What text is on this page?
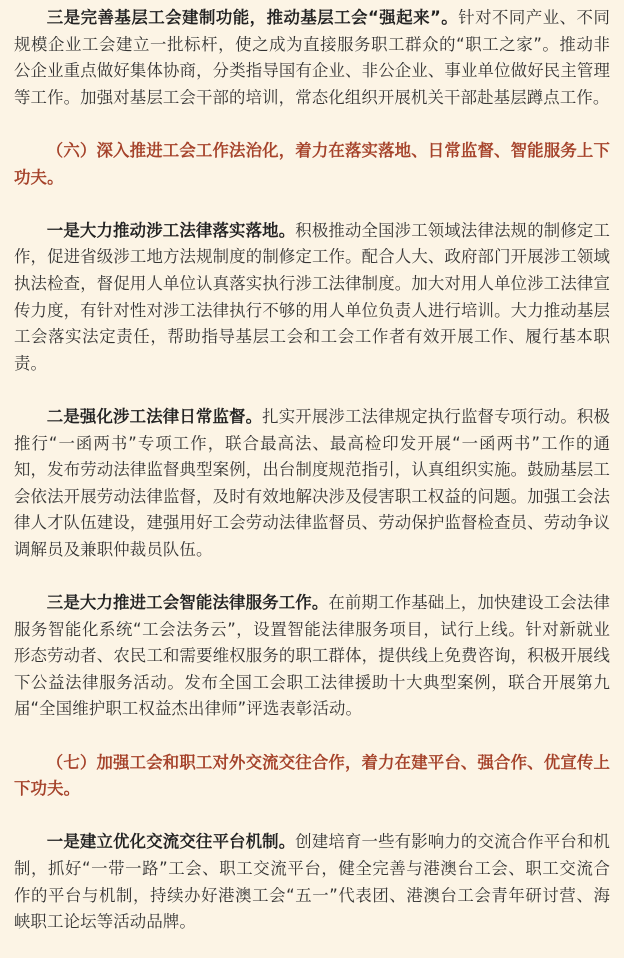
三是完善基层工会建制功能，推动基层工会“强起来”。针对不同产业、不同规模企业工会建立一批标杆，使之成为直接服务职工群众的“职工之家”。推动非公企业重点做好集体协商，分类指导国有企业、非公企业、事业单位做好民主管理等工作。加强对基层工会干部的培训，常态化组织开展机关干部赴基层蹲点工作。

（六）深入推进工会工作法治化，着力在落实落地、日常监督、智能服务上下功夫。

一是大力推动涉工法律落实落地。积极推动全国涉工领域法律法规的制修定工作，促进省级涉工地方法规制度的制修定工作。配合人大、政府部门开展涉工领域执法检查，督促用人单位认真落实执行涉工法律制度。加大对用人单位涉工法律宣传力度，有针对性对涉工法律执行不够的用人单位负责人进行培训。大力推动基层工会落实法定责任，帮助指导基层工会和工会工作者有效开展工作、履行基本职责。

二是强化涉工法律日常监督。扎实开展涉工法律规定执行监督专项行动。积极推行“一函两书”专项工作，联合最高法、最高检印发开展“一函两书”工作的通知，发布劳动法律监督典型案例，出台制度规范指引，认真组织实施。鼓励基层工会依法开展劳动法律监督，及时有效地解决涉及侵害职工权益的问题。加强工会法律人才队伍建设，建强用好工会劳动法律监督员、劳动保护监督检查员、劳动争议调解员及兼职仲裁员队伍。

三是大力推进工会智能法律服务工作。在前期工作基础上，加快建设工会法律服务智能化系统“工会法务云”，设置智能法律服务项目，试行上线。针对新就业形态劳动者、农民工和需要维权服务的职工群体，提供线上免费咨询，积极开展线下公益法律服务活动。发布全国工会职工法律援助十大典型案例，联合开展第九届“全国维护职工权益杰出律师”评选表彰活动。

（七）加强工会和职工对外交流交往合作，着力在建平台、强合作、优宣传上下功夫。

一是建立优化交流交往平台机制。创建培育一些有影响力的交流合作平台和机制，抓好“一带一路”工会、职工交流平台，健全完善与港澳台工会、职工交流合作的平台与机制，持续办好港澳工会“五一”代表团、港澳台工会青年研讨营、海峡职工论坛等活动品牌。
